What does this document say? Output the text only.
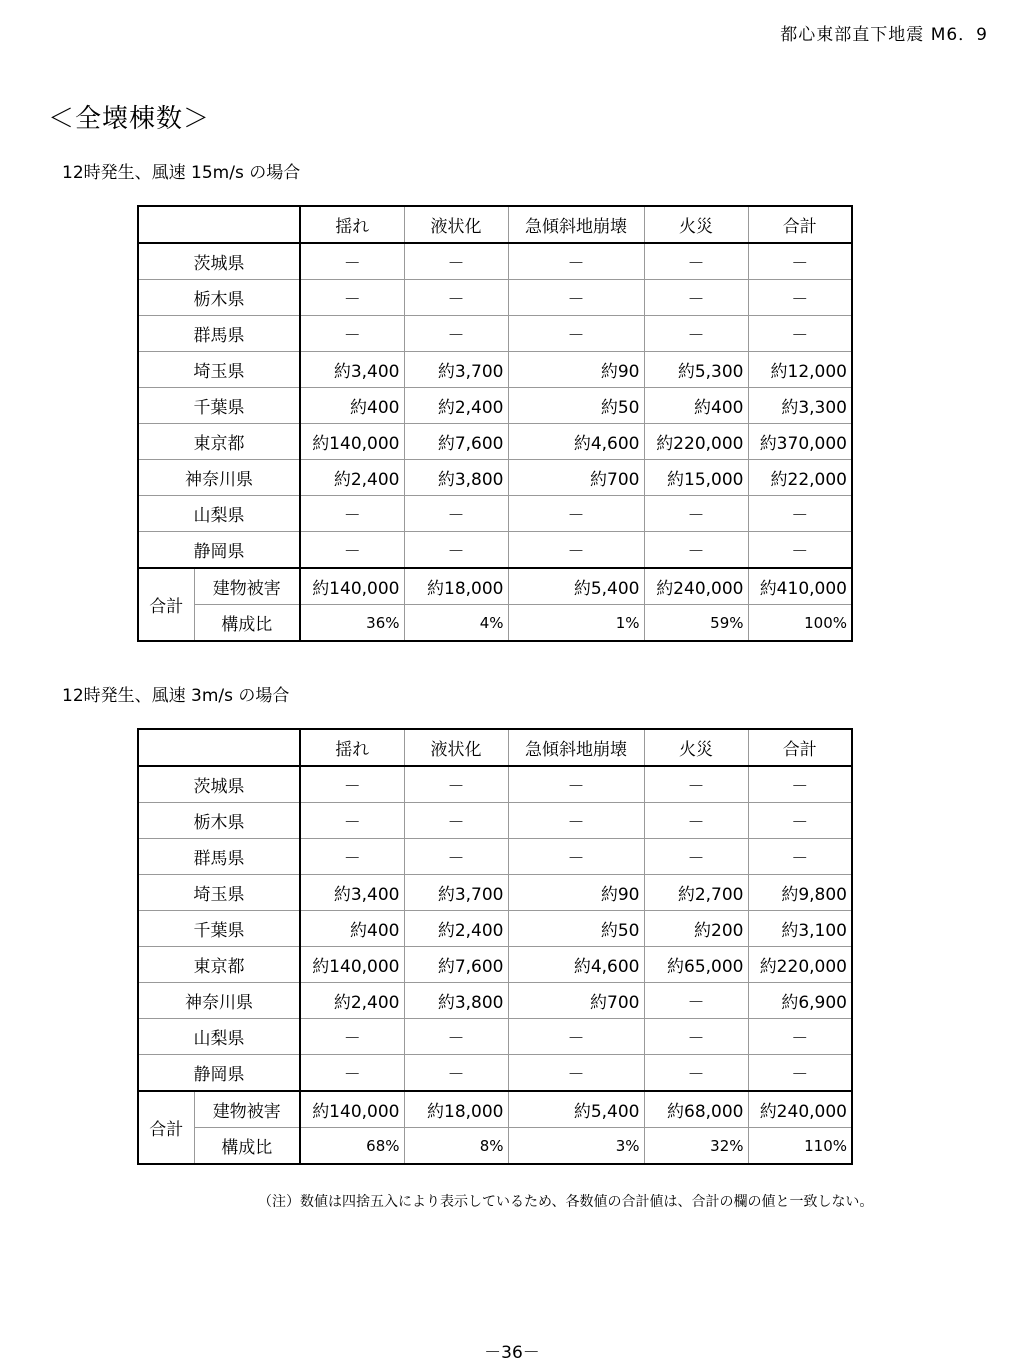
都心東部直下地震 M6．9
＜全壊棟数＞
12時発生、風速 15m/s の場合
		揺れ	液状化	急傾斜地崩壊	火災	合計
茨城県		－	－	－	－	－
栃木県		－	－	－	－	－
群馬県		－	－	－	－	－
埼玉県		約3,400	約3,700	約90	約5,300	約12,000
千葉県		約400	約2,400	約50	約400	約3,300
東京都		約140,000	約7,600	約4,600	約220,000	約370,000
神奈川県		約2,400	約3,800	約700	約15,000	約22,000
山梨県		－	－	－	－	－
静岡県		－	－	－	－	－
合計	建物被害	約140,000	約18,000	約5,400	約240,000	約410,000
	構成比	36%	4%	1%	59%	100%
12時発生、風速 3m/s の場合
		揺れ	液状化	急傾斜地崩壊	火災	合計
茨城県		－	－	－	－	－
栃木県		－	－	－	－	－
群馬県		－	－	－	－	－
埼玉県		約3,400	約3,700	約90	約2,700	約9,800
千葉県		約400	約2,400	約50	約200	約3,100
東京都		約140,000	約7,600	約4,600	約65,000	約220,000
神奈川県		約2,400	約3,800	約700	－	約6,900
山梨県		－	－	－	－	－
静岡県		－	－	－	－	－
合計	建物被害	約140,000	約18,000	約5,400	約68,000	約240,000
	構成比	68%	8%	3%	32%	110%
（注）数値は四捨五入により表示しているため、各数値の合計値は、合計の欄の値と一致しない。
－36－
